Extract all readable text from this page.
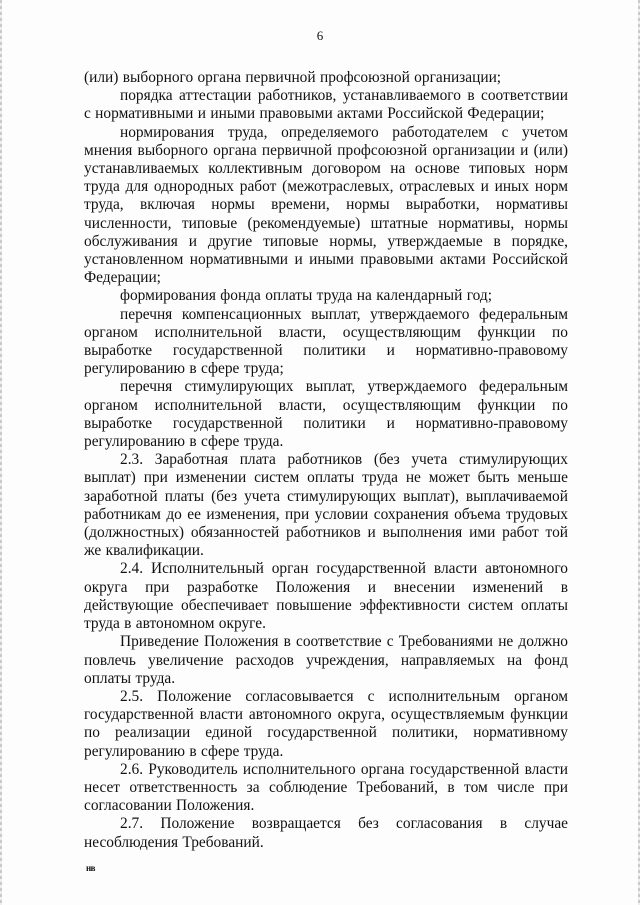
6

(или) выборного органа первичной профсоюзной организации;

порядка аттестации работников, устанавливаемого в соответствии с нормативными и иными правовыми актами Российской Федерации;

нормирования труда, определяемого работодателем с учетом мнения выборного органа первичной профсоюзной организации и (или) устанавливаемых коллективным договором на основе типовых норм труда для однородных работ (межотраслевых, отраслевых и иных норм труда, включая нормы времени, нормы выработки, нормативы численности, типовые (рекомендуемые) штатные нормативы, нормы обслуживания и другие типовые нормы, утверждаемые в порядке, установленном нормативными и иными правовыми актами Российской Федерации;

формирования фонда оплаты труда на календарный год;

перечня компенсационных выплат, утверждаемого федеральным органом исполнительной власти, осуществляющим функции по выработке государственной политики и нормативно-правовому регулированию в сфере труда;

перечня стимулирующих выплат, утверждаемого федеральным органом исполнительной власти, осуществляющим функции по выработке государственной политики и нормативно-правовому регулированию в сфере труда.

2.3. Заработная плата работников (без учета стимулирующих выплат) при изменении систем оплаты труда не может быть меньше заработной платы (без учета стимулирующих выплат), выплачиваемой работникам до ее изменения, при условии сохранения объема трудовых (должностных) обязанностей работников и выполнения ими работ той же квалификации.

2.4. Исполнительный орган государственной власти автономного округа при разработке Положения и внесении изменений в действующие обеспечивает повышение эффективности систем оплаты труда в автономном округе.

Приведение Положения в соответствие с Требованиями не должно повлечь увеличение расходов учреждения, направляемых на фонд оплаты труда.

2.5. Положение согласовывается с исполнительным органом государственной власти автономного округа, осуществляемым функции по реализации единой государственной политики, нормативному регулированию в сфере труда.

2.6. Руководитель исполнительного органа государственной власти несет ответственность за соблюдение Требований, в том числе при согласовании Положения.

2.7. Положение возвращается без согласования в случае несоблюдения Требований.

нв
